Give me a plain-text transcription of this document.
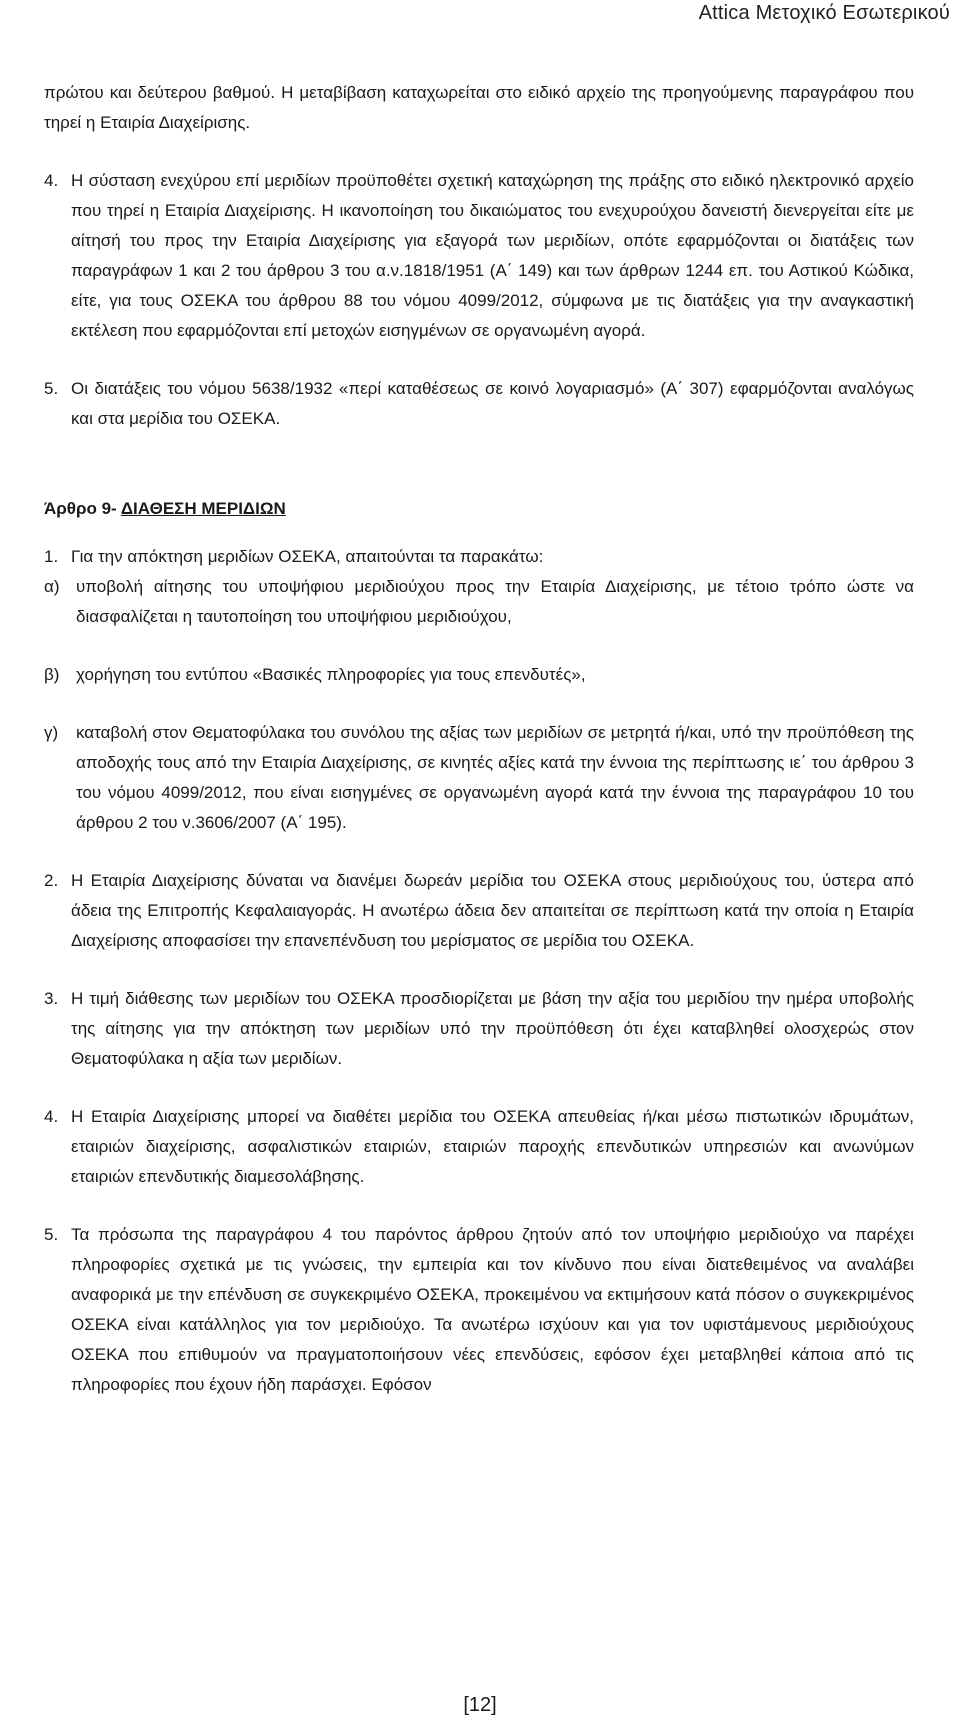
Attica Μετοχικό Εσωτερικού
πρώτου και δεύτερου βαθμού. Η μεταβίβαση καταχωρείται στο ειδικό αρχείο της προηγούμενης παραγράφου που τηρεί η Εταιρία Διαχείρισης.
4. Η σύσταση ενεχύρου επί μεριδίων προϋποθέτει σχετική καταχώρηση της πράξης στο ειδικό ηλεκτρονικό αρχείο που τηρεί η Εταιρία Διαχείρισης. Η ικανοποίηση του δικαιώματος του ενεχυρούχου δανειστή διενεργείται είτε με αίτησή του προς την Εταιρία Διαχείρισης για εξαγορά των μεριδίων, οπότε εφαρμόζονται οι διατάξεις των παραγράφων 1 και 2 του άρθρου 3 του α.ν.1818/1951 (Α΄ 149) και των άρθρων 1244 επ. του Αστικού Κώδικα, είτε, για τους ΟΣΕΚΑ του άρθρου 88 του νόμου 4099/2012, σύμφωνα με τις διατάξεις για την αναγκαστική εκτέλεση που εφαρμόζονται επί μετοχών εισηγμένων σε οργανωμένη αγορά.
5. Οι διατάξεις του νόμου 5638/1932 «περί καταθέσεως σε κοινό λογαριασμό» (Α΄ 307) εφαρμόζονται αναλόγως και στα μερίδια του ΟΣΕΚΑ.
Άρθρο 9- ΔΙΑΘΕΣΗ ΜΕΡΙΔΙΩΝ
1. Για την απόκτηση μεριδίων ΟΣΕΚΑ, απαιτούνται τα παρακάτω:
α) υποβολή αίτησης του υποψήφιου μεριδιούχου προς την Εταιρία Διαχείρισης, με τέτοιο τρόπο ώστε να διασφαλίζεται η ταυτοποίηση του υποψήφιου μεριδιούχου,
β) χορήγηση του εντύπου «Βασικές πληροφορίες για τους επενδυτές»,
γ)	καταβολή στον Θεματοφύλακα του συνόλου της αξίας των μεριδίων σε μετρητά ή/και, υπό την προϋπόθεση της αποδοχής τους από την Εταιρία Διαχείρισης, σε κινητές αξίες κατά την έννοια της περίπτωσης ιε΄ του άρθρου 3 του νόμου 4099/2012, που είναι εισηγμένες σε οργανωμένη αγορά κατά την έννοια της παραγράφου 10 του άρθρου 2 του ν.3606/2007 (Α΄ 195).
2. Η Εταιρία Διαχείρισης δύναται να διανέμει δωρεάν μερίδια του ΟΣΕΚΑ στους μεριδιούχους του, ύστερα από άδεια της Επιτροπής Κεφαλαιαγοράς. Η ανωτέρω άδεια δεν απαιτείται σε περίπτωση κατά την οποία η Εταιρία Διαχείρισης αποφασίσει την επανεπένδυση του μερίσματος σε μερίδια του ΟΣΕΚΑ.
3. Η τιμή διάθεσης των μεριδίων του ΟΣΕΚΑ προσδιορίζεται με βάση την αξία του μεριδίου την ημέρα υποβολής της αίτησης για την απόκτηση των μεριδίων υπό την προϋπόθεση ότι έχει καταβληθεί ολοσχερώς στον Θεματοφύλακα η αξία των μεριδίων.
4. Η Εταιρία Διαχείρισης μπορεί να διαθέτει μερίδια του ΟΣΕΚΑ απευθείας ή/και μέσω πιστωτικών ιδρυμάτων, εταιριών διαχείρισης, ασφαλιστικών εταιριών, εταιριών παροχής επενδυτικών υπηρεσιών και ανωνύμων εταιριών επενδυτικής διαμεσολάβησης.
5. Τα πρόσωπα της παραγράφου 4 του παρόντος άρθρου ζητούν από τον υποψήφιο μεριδιούχο να παρέχει πληροφορίες σχετικά με τις γνώσεις, την εμπειρία και τον κίνδυνο που είναι διατεθειμένος να αναλάβει αναφορικά με την επένδυση σε συγκεκριμένο ΟΣΕΚΑ, προκειμένου να εκτιμήσουν κατά πόσον ο συγκεκριμένος ΟΣΕΚΑ είναι κατάλληλος για τον μεριδιούχο. Τα ανωτέρω ισχύουν και για τον υφιστάμενους μεριδιούχους ΟΣΕΚΑ που επιθυμούν να πραγματοποιήσουν νέες επενδύσεις, εφόσον έχει μεταβληθεί κάποια από τις πληροφορίες που έχουν ήδη παράσχει. Εφόσον
[12]
